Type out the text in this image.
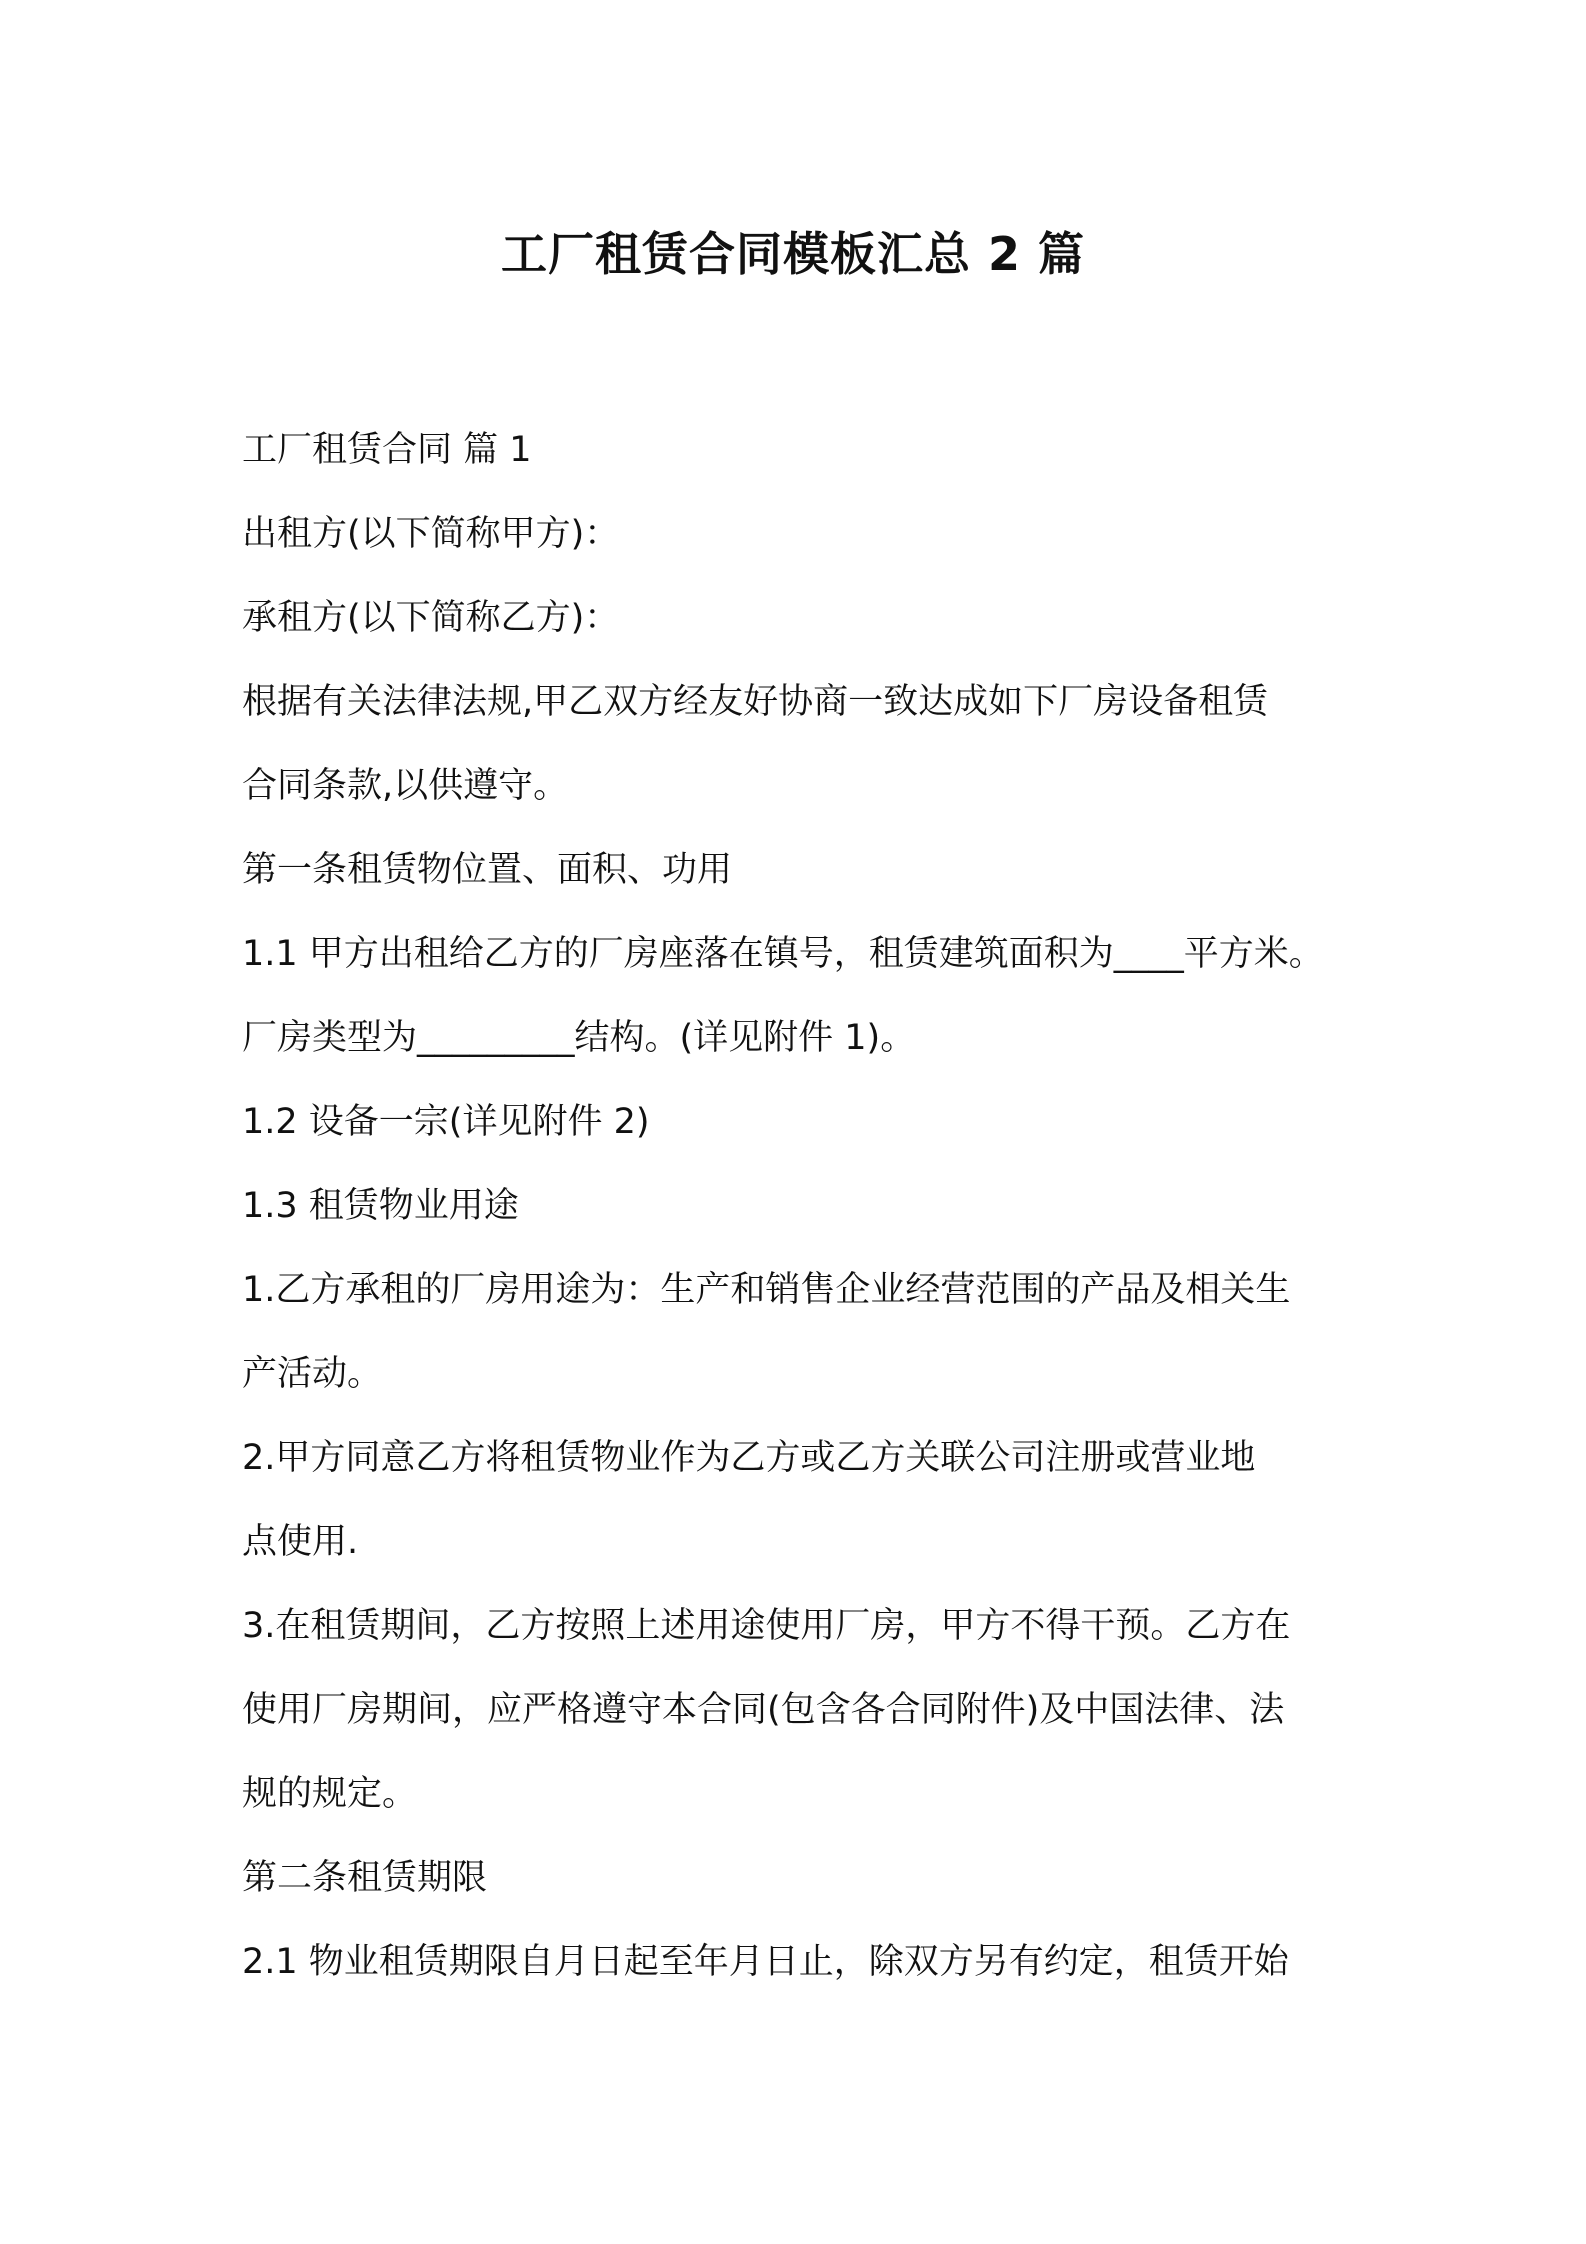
工厂租赁合同模板汇总 2 篇
工厂租赁合同 篇 1
出租方(以下简称甲方)：
承租方(以下简称乙方)：
根据有关法律法规,甲乙双方经友好协商一致达成如下厂房设备租赁
合同条款,以供遵守。
第一条租赁物位置、面积、功用
1.1 甲方出租给乙方的厂房座落在镇号，租赁建筑面积为____平方米。
厂房类型为_________结构。(详见附件 1)。
1.2 设备一宗(详见附件 2)
1.3 租赁物业用途
1.乙方承租的厂房用途为：生产和销售企业经营范围的产品及相关生
产活动。
2.甲方同意乙方将租赁物业作为乙方或乙方关联公司注册或营业地
点使用.
3.在租赁期间，乙方按照上述用途使用厂房，甲方不得干预。乙方在
使用厂房期间，应严格遵守本合同(包含各合同附件)及中国法律、法
规的规定。
第二条租赁期限
2.1 物业租赁期限自月日起至年月日止，除双方另有约定，租赁开始
